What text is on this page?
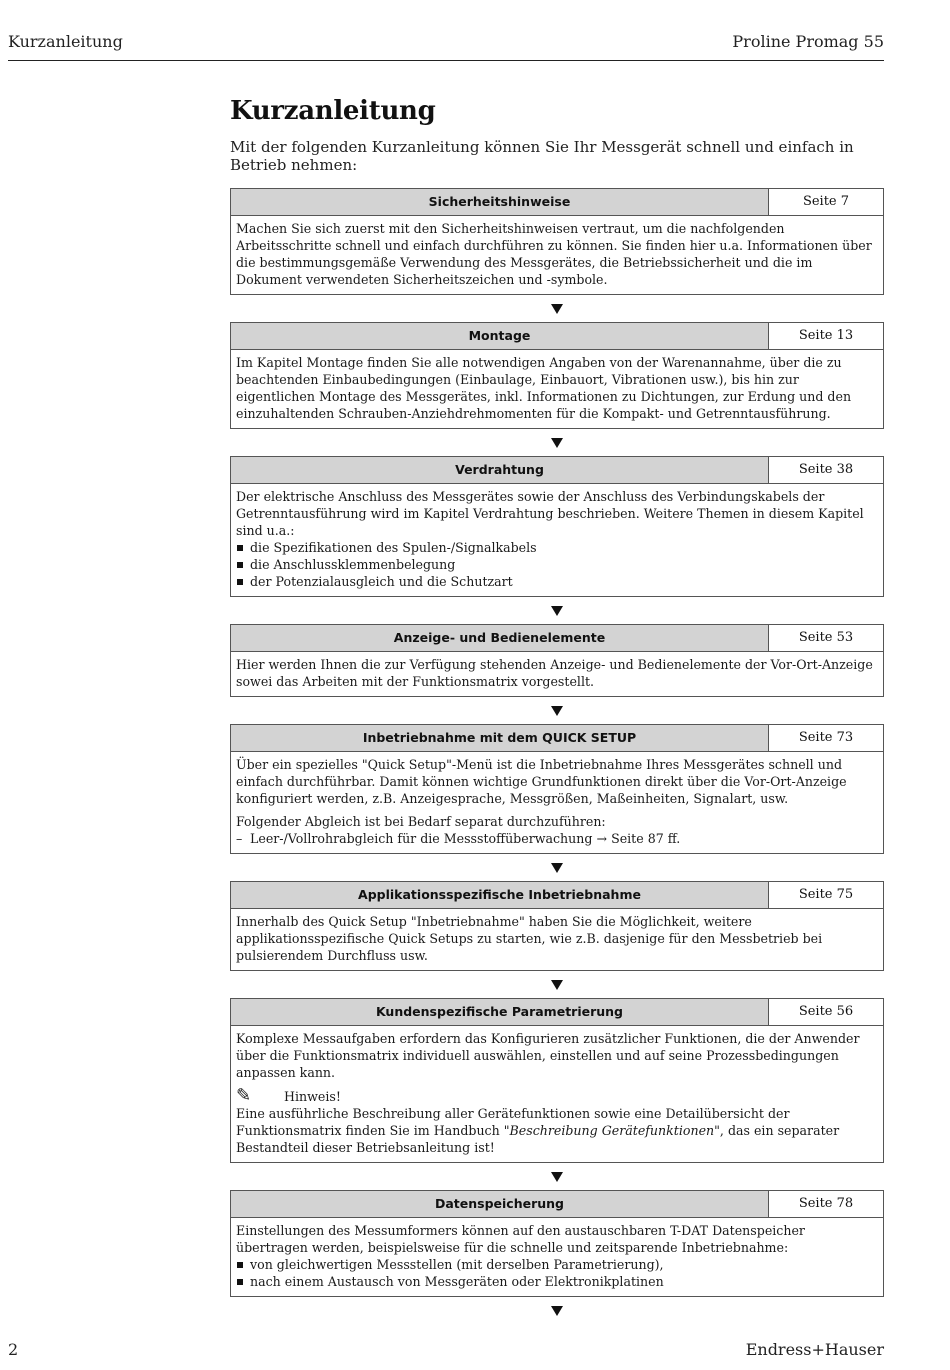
Kurzanleitung	Proline Promag 55
Kurzanleitung
Mit der folgenden Kurzanleitung können Sie Ihr Messgerät schnell und einfach in Betrieb nehmen:
Sicherheitshinweise	Seite 7

Machen Sie sich zuerst mit den Sicherheitshinweisen vertraut, um die nachfolgenden Arbeitsschritte schnell und einfach durchführen zu können. Sie finden hier u.a. Informationen über die bestimmungsgemäße Verwendung des Messgerätes, die Betriebssicherheit und die im Dokument verwendeten Sicherheitszeichen und -symbole.

Montage	Seite 13

Im Kapitel Montage finden Sie alle notwendigen Angaben von der Warenannahme, über die zu beachtenden Einbaubedingungen (Einbaulage, Einbauort, Vibrationen usw.), bis hin zur eigentlichen Montage des Messgerätes, inkl. Informationen zu Dichtungen, zur Erdung und den einzuhaltenden Schrauben-Anziehdrehmomenten für die Kompakt- und Getrenntausführung.

Verdrahtung	Seite 38

Der elektrische Anschluss des Messgerätes sowie der Anschluss des Verbindungskabels der Getrenntausführung wird im Kapitel Verdrahtung beschrieben. Weitere Themen in diesem Kapitel sind u.a.:

die Spezifikationen des Spulen-/Signalkabels
die Anschlussklemmenbelegung
der Potenzialausgleich und die Schutzart
Anzeige- und Bedienelemente	Seite 53

Hier werden Ihnen die zur Verfügung stehenden Anzeige- und Bedienelemente der Vor-Ort-Anzeige sowei das Arbeiten mit der Funktionsmatrix vorgestellt.

Inbetriebnahme mit dem QUICK SETUP	Seite 73

Über ein spezielles "Quick Setup"-Menü ist die Inbetriebnahme Ihres Messgerätes schnell und einfach durchführbar. Damit können wichtige Grundfunktionen direkt über die Vor-Ort-Anzeige konfiguriert werden, z.B. Anzeigesprache, Messgrößen, Maßeinheiten, Signalart, usw.

Folgender Abgleich ist bei Bedarf separat durchzuführen:
– Leer-/Vollrohrabgleich für die Messstoffüberwachung → Seite 87 ff.

Applikationsspezifische Inbetriebnahme	Seite 75

Innerhalb des Quick Setup "Inbetriebnahme" haben Sie die Möglichkeit, weitere applikationsspezifische Quick Setups zu starten, wie z.B. dasjenige für den Messbetrieb bei pulsierendem Durchfluss usw.

Kundenspezifische Parametrierung	Seite 56

Komplexe Messaufgaben erfordern das Konfigurieren zusätzlicher Funktionen, die der Anwender über die Funktionsmatrix individuell auswählen, einstellen und auf seine Prozessbedingungen anpassen kann.

✎	Hinweis!

Eine ausführliche Beschreibung aller Gerätefunktionen sowie eine Detailübersicht der Funktionsmatrix finden Sie im Handbuch "Beschreibung Gerätefunktionen", das ein separater Bestandteil dieser Betriebsanleitung ist!

Datenspeicherung	Seite 78

Einstellungen des Messumformers können auf den austauschbaren T-DAT Datenspeicher übertragen werden, beispielsweise für die schnelle und zeitsparende Inbetriebnahme:

von gleichwertigen Messstellen (mit derselben Parametrierung),
nach einem Austausch von Messgeräten oder Elektronikplatinen
2	Endress+Hauser
